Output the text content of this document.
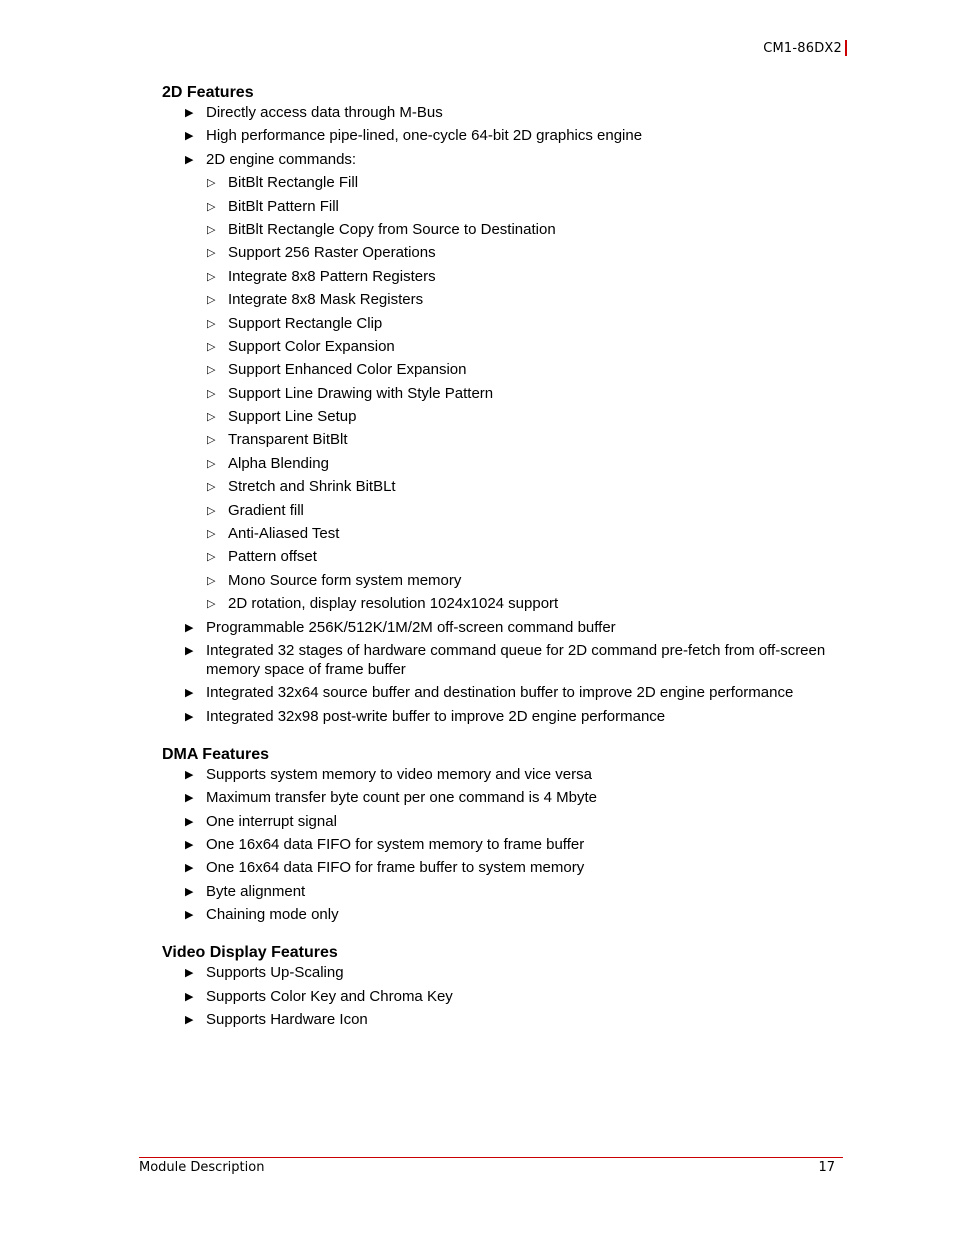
CM1-86DX2
2D Features
▶ Directly access data through M-Bus
▶ High performance pipe-lined, one-cycle 64-bit 2D graphics engine
▶ 2D engine commands:
▷ BitBlt Rectangle Fill
▷ BitBlt Pattern Fill
▷ BitBlt Rectangle Copy from Source to Destination
▷ Support 256 Raster Operations
▷ Integrate 8x8 Pattern Registers
▷ Integrate 8x8 Mask Registers
▷ Support Rectangle Clip
▷ Support Color Expansion
▷ Support Enhanced Color Expansion
▷ Support Line Drawing with Style Pattern
▷ Support Line Setup
▷ Transparent BitBlt
▷ Alpha Blending
▷ Stretch and Shrink BitBLt
▷ Gradient fill
▷ Anti-Aliased Test
▷ Pattern offset
▷ Mono Source form system memory
▷ 2D rotation, display resolution 1024x1024 support
▶ Programmable 256K/512K/1M/2M off-screen command buffer
▶ Integrated 32 stages of hardware command queue for 2D command pre-fetch from off-screen memory space of frame buffer
▶ Integrated 32x64 source buffer and destination buffer to improve 2D engine performance
▶ Integrated 32x98 post-write buffer to improve 2D engine performance
DMA Features
▶ Supports system memory to video memory and vice versa
▶ Maximum transfer byte count per one command is 4 Mbyte
▶ One interrupt signal
▶ One 16x64 data FIFO for system memory to frame buffer
▶ One 16x64 data FIFO for frame buffer to system memory
▶ Byte alignment
▶ Chaining mode only
Video Display Features
▶ Supports Up-Scaling
▶ Supports Color Key and Chroma Key
▶ Supports Hardware Icon
Module Description	17
